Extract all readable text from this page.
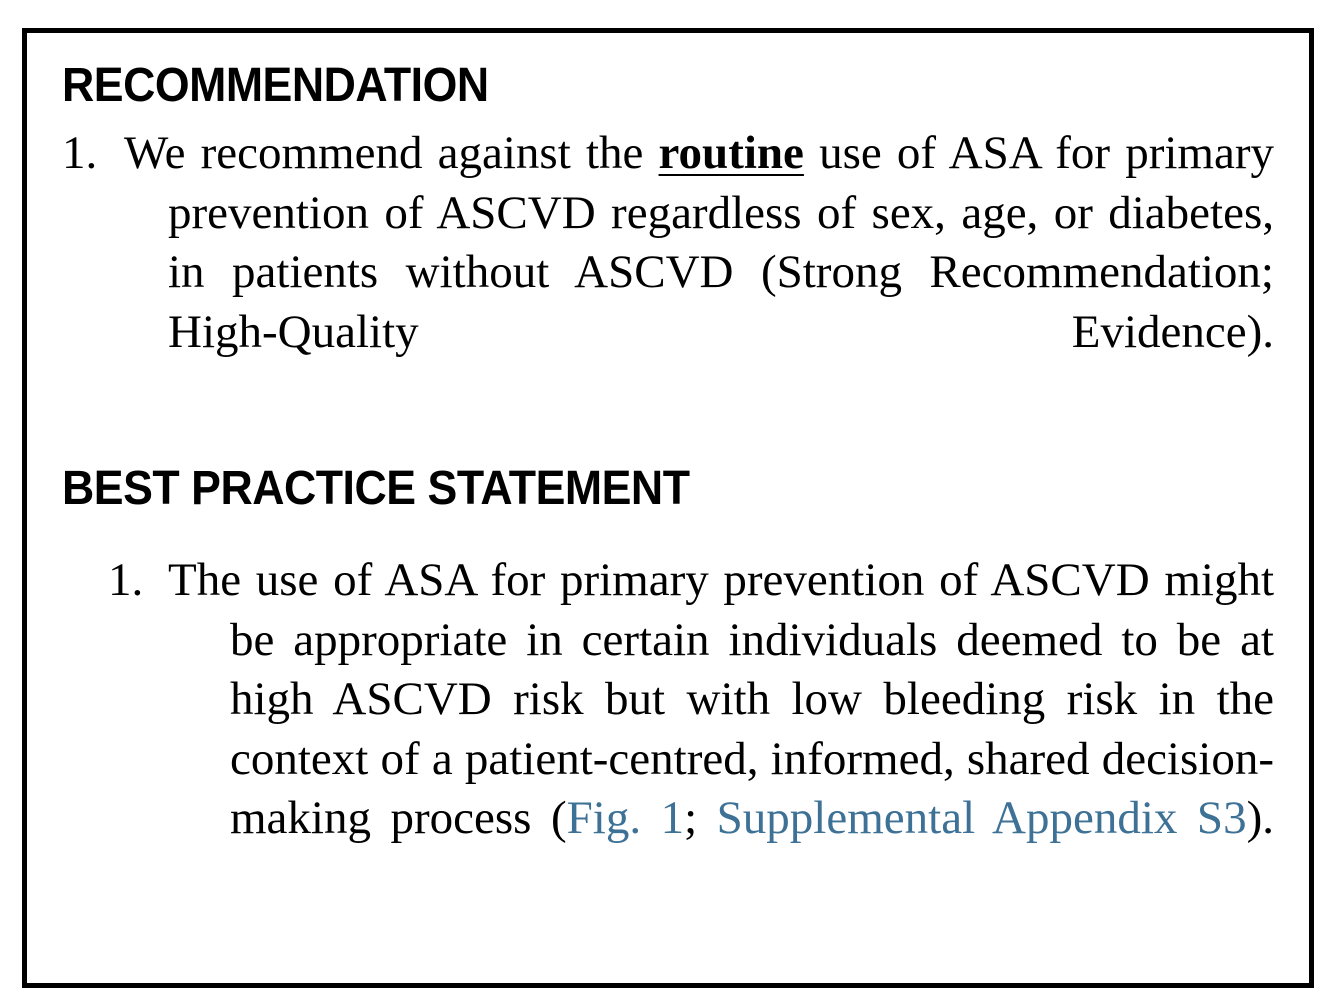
RECOMMENDATION
1. We recommend against the routine use of ASA for primary prevention of ASCVD regardless of sex, age, or diabetes, in patients without ASCVD (Strong Recommendation; High-Quality Evidence).
BEST PRACTICE STATEMENT
1. The use of ASA for primary prevention of ASCVD might be appropriate in certain individuals deemed to be at high ASCVD risk but with low bleeding risk in the context of a patient-centred, informed, shared decision-making process (Fig. 1; Supplemental Appendix S3).
